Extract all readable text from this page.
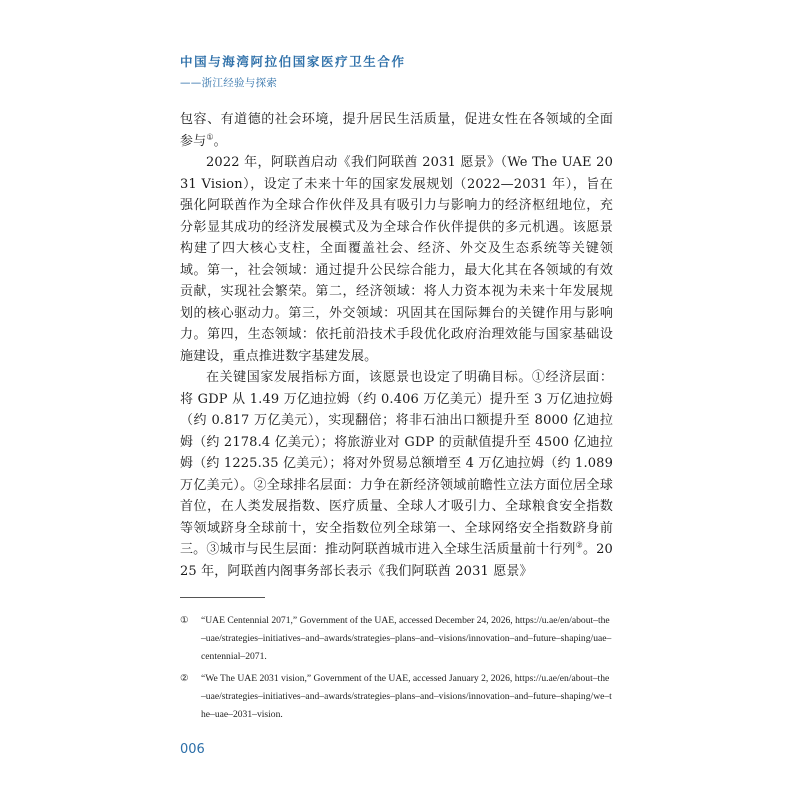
中国与海湾阿拉伯国家医疗卫生合作
——浙江经验与探索

包容、有道德的社会环境，提升居民生活质量，促进女性在各领域的全面参与①。

2022 年，阿联酋启动《我们阿联酋 2031 愿景》（We The UAE 2031 Vision），设定了未来十年的国家发展规划（2022—2031 年），旨在强化阿联酋作为全球合作伙伴及具有吸引力与影响力的经济枢纽地位，充分彰显其成功的经济发展模式及为全球合作伙伴提供的多元机遇。该愿景构建了四大核心支柱，全面覆盖社会、经济、外交及生态系统等关键领域。第一，社会领域：通过提升公民综合能力，最大化其在各领域的有效贡献，实现社会繁荣。第二，经济领域：将人力资本视为未来十年发展规划的核心驱动力。第三，外交领域：巩固其在国际舞台的关键作用与影响力。第四，生态领域：依托前沿技术手段优化政府治理效能与国家基础设施建设，重点推进数字基建发展。

在关键国家发展指标方面，该愿景也设定了明确目标。①经济层面：将 GDP 从 1.49 万亿迪拉姆（约 0.406 万亿美元）提升至 3 万亿迪拉姆（约 0.817 万亿美元），实现翻倍；将非石油出口额提升至 8000 亿迪拉姆（约 2178.4 亿美元）；将旅游业对 GDP 的贡献值提升至 4500 亿迪拉姆（约 1225.35 亿美元）；将对外贸易总额增至 4 万亿迪拉姆（约 1.089 万亿美元）。②全球排名层面：力争在新经济领域前瞻性立法方面位居全球首位，在人类发展指数、医疗质量、全球人才吸引力、全球粮食安全指数等领域跻身全球前十，安全指数位列全球第一、全球网络安全指数跻身前三。③城市与民生层面：推动阿联酋城市进入全球生活质量前十行列②。2025 年，阿联酋内阁事务部长表示《我们阿联酋 2031 愿景》

①	“UAE Centennial 2071,” Government of the UAE, accessed December 24, 2026, https://u.ae/en/about–the–uae/strategies–initiatives–and–awards/strategies–plans–and–visions/innovation–and–future–shaping/uae–centennial–2071.
②	“We The UAE 2031 vision,” Government of the UAE, accessed January 2, 2026, https://u.ae/en/about–the–uae/strategies–initiatives–and–awards/strategies–plans–and–visions/innovation–and–future–shaping/we–the–uae–2031–vision.
006
